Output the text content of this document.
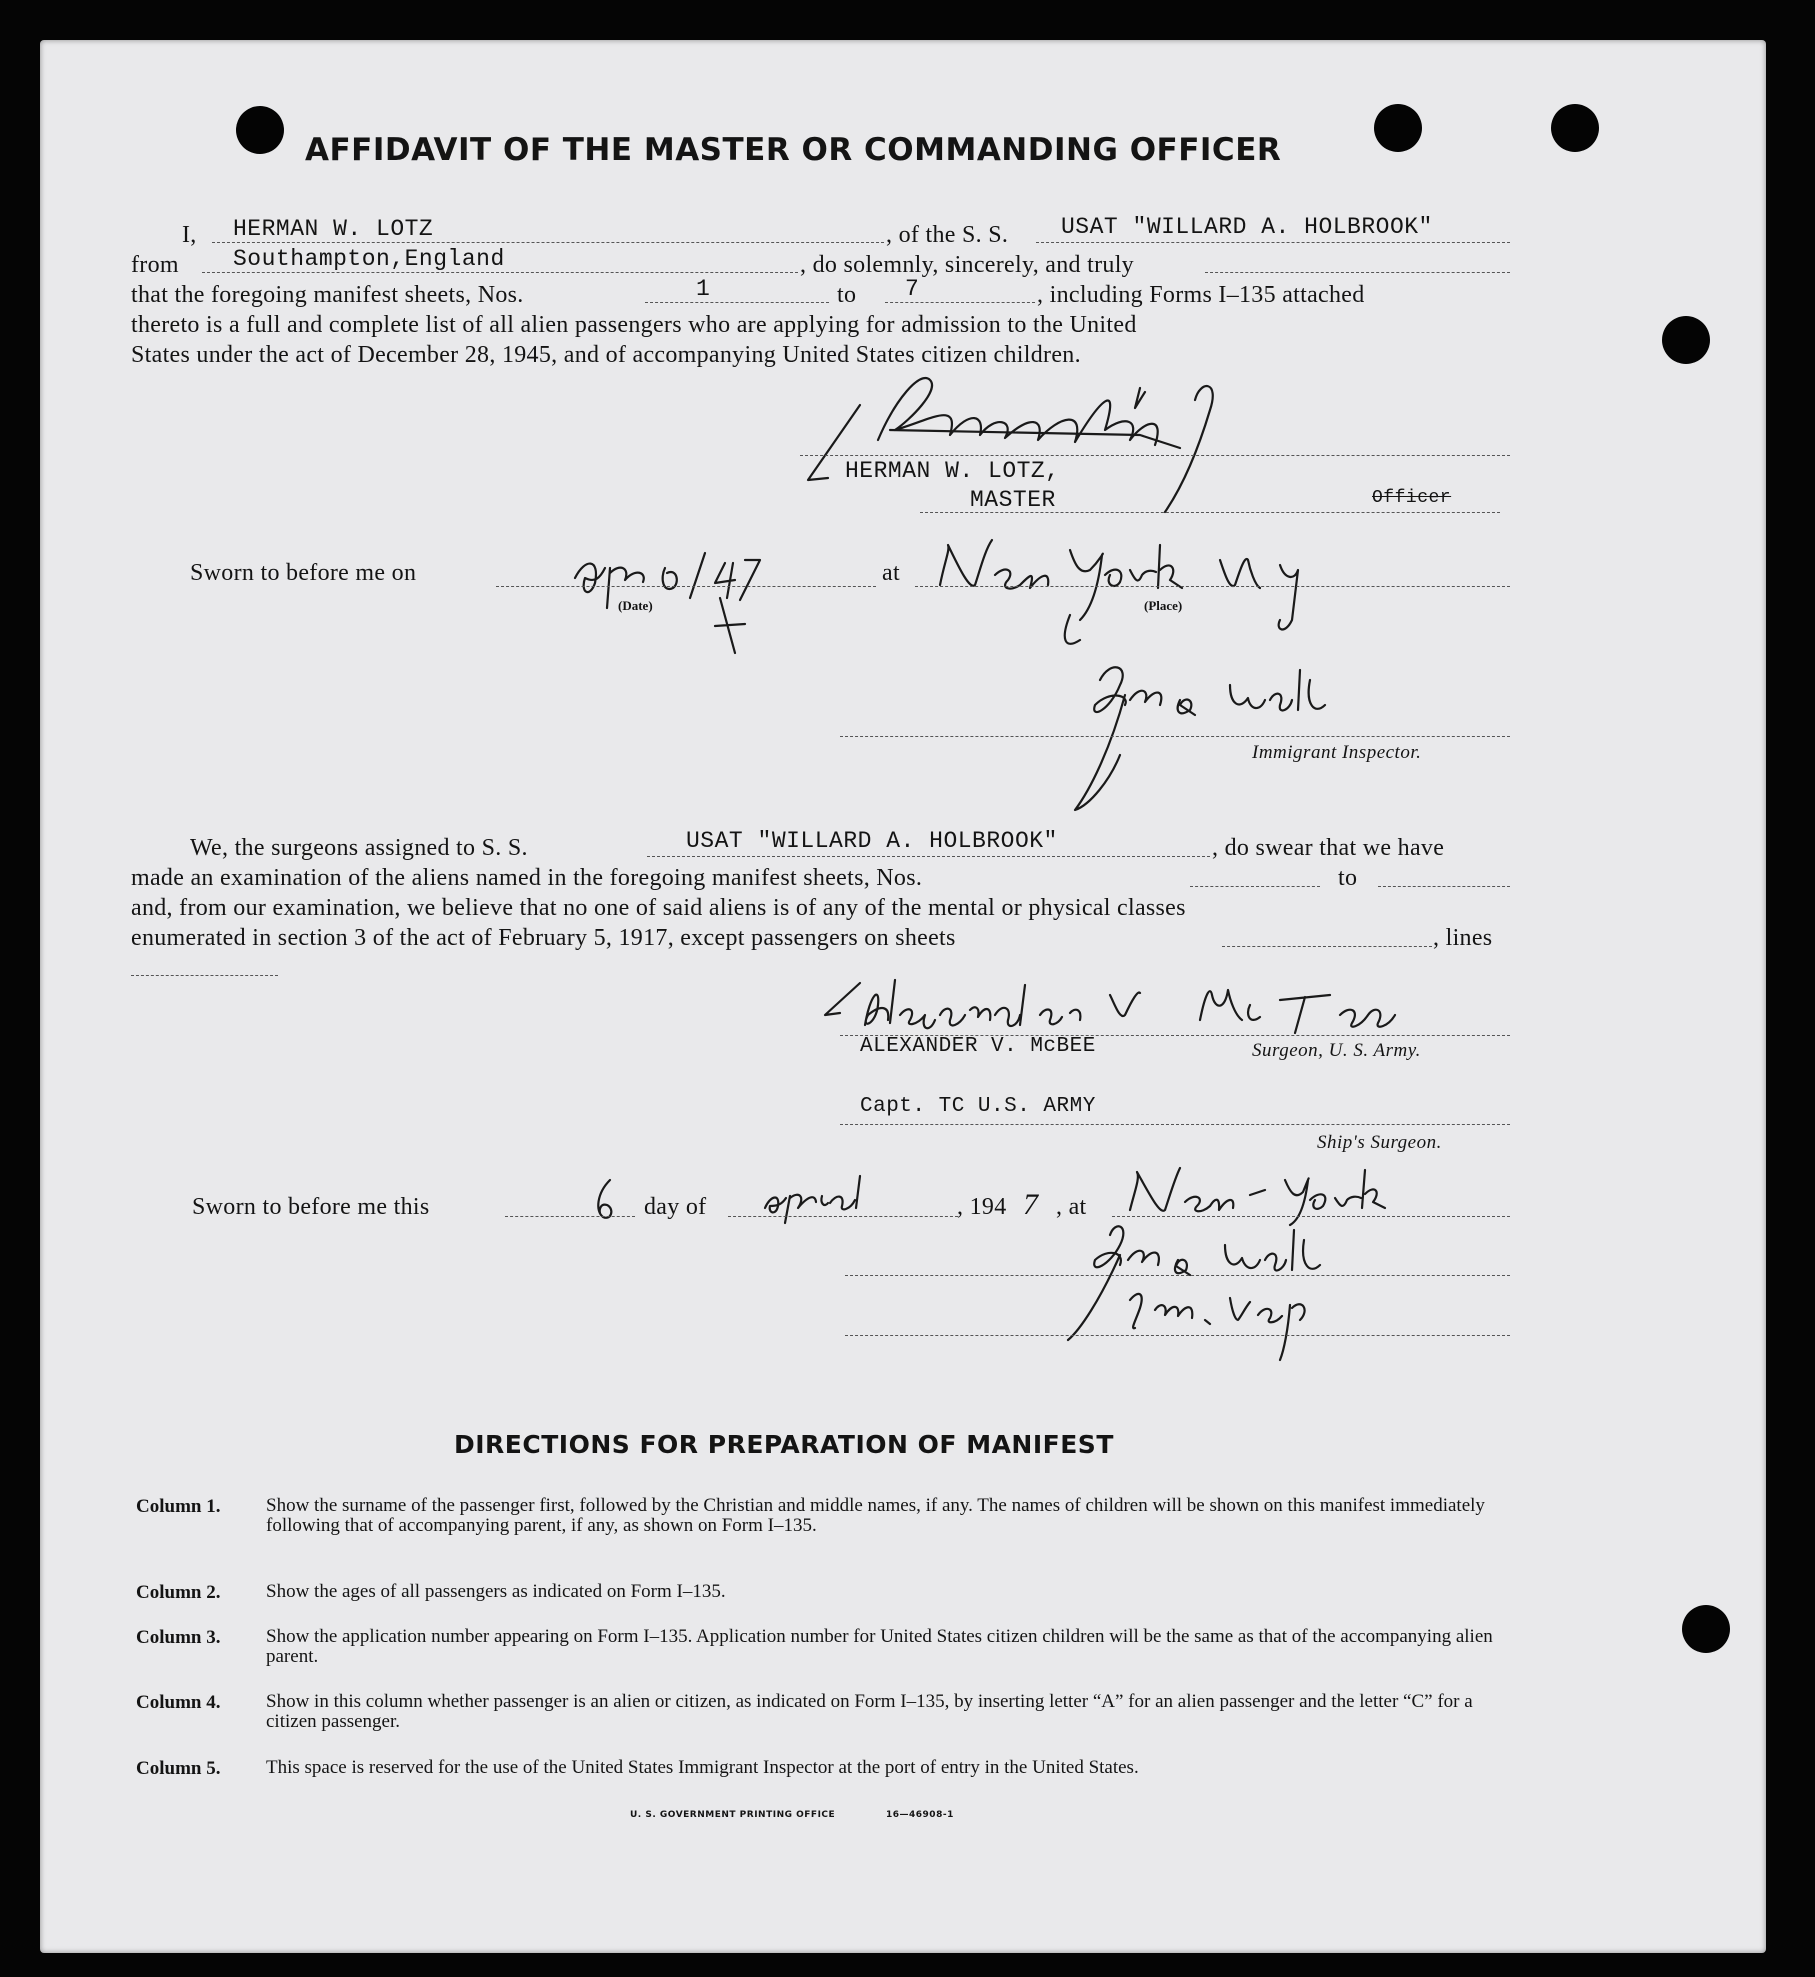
AFFIDAVIT OF THE MASTER OR COMMANDING OFFICER
I, HERMAN W. LOTZ	, of the S. S. USAT "WILLARD A. HOLBROOK"
from Southampton,England	, do solemnly, sincerely, and truly
that the foregoing manifest sheets, Nos.	1	to 7	, including Forms I–135 attached
thereto is a full and complete list of all alien passengers who are applying for admission to the United
States under the act of December 28, 1945, and of accompanying United States citizen children.
HERMAN W. LOTZ,
MASTER	Officer
Sworn to before me on
(Date)
at
(Place)
Immigrant Inspector.
We, the surgeons assigned to S. S.	USAT "WILLARD A. HOLBROOK"	, do swear that we have
made an examination of the aliens named in the foregoing manifest sheets, Nos.	to
and, from our examination, we believe that no one of said aliens is of any of the mental or physical classes
enumerated in section 3 of the act of February 5, 1917, except passengers on sheets	, lines
ALEXANDER V. McBEE	Surgeon, U. S. Army.
Capt. TC U.S. ARMY
Ship's Surgeon.
Sworn to before me this	day of	, 194 7 , at
DIRECTIONS FOR PREPARATION OF MANIFEST
Column 1. Show the surname of the passenger first, followed by the Christian and middle names, if any. The names of children will be shown on this manifest immediately following that of accompanying parent, if any, as shown on Form I–135.
Column 2. Show the ages of all passengers as indicated on Form I–135.
Column 3. Show the application number appearing on Form I–135. Application number for United States citizen children will be the same as that of the accompanying alien parent.
Column 4. Show in this column whether passenger is an alien or citizen, as indicated on Form I–135, by inserting letter “A” for an alien passenger and the letter “C” for a citizen passenger.
Column 5. This space is reserved for the use of the United States Immigrant Inspector at the port of entry in the United States.
U. S. GOVERNMENT PRINTING OFFICE	16—46908-1
